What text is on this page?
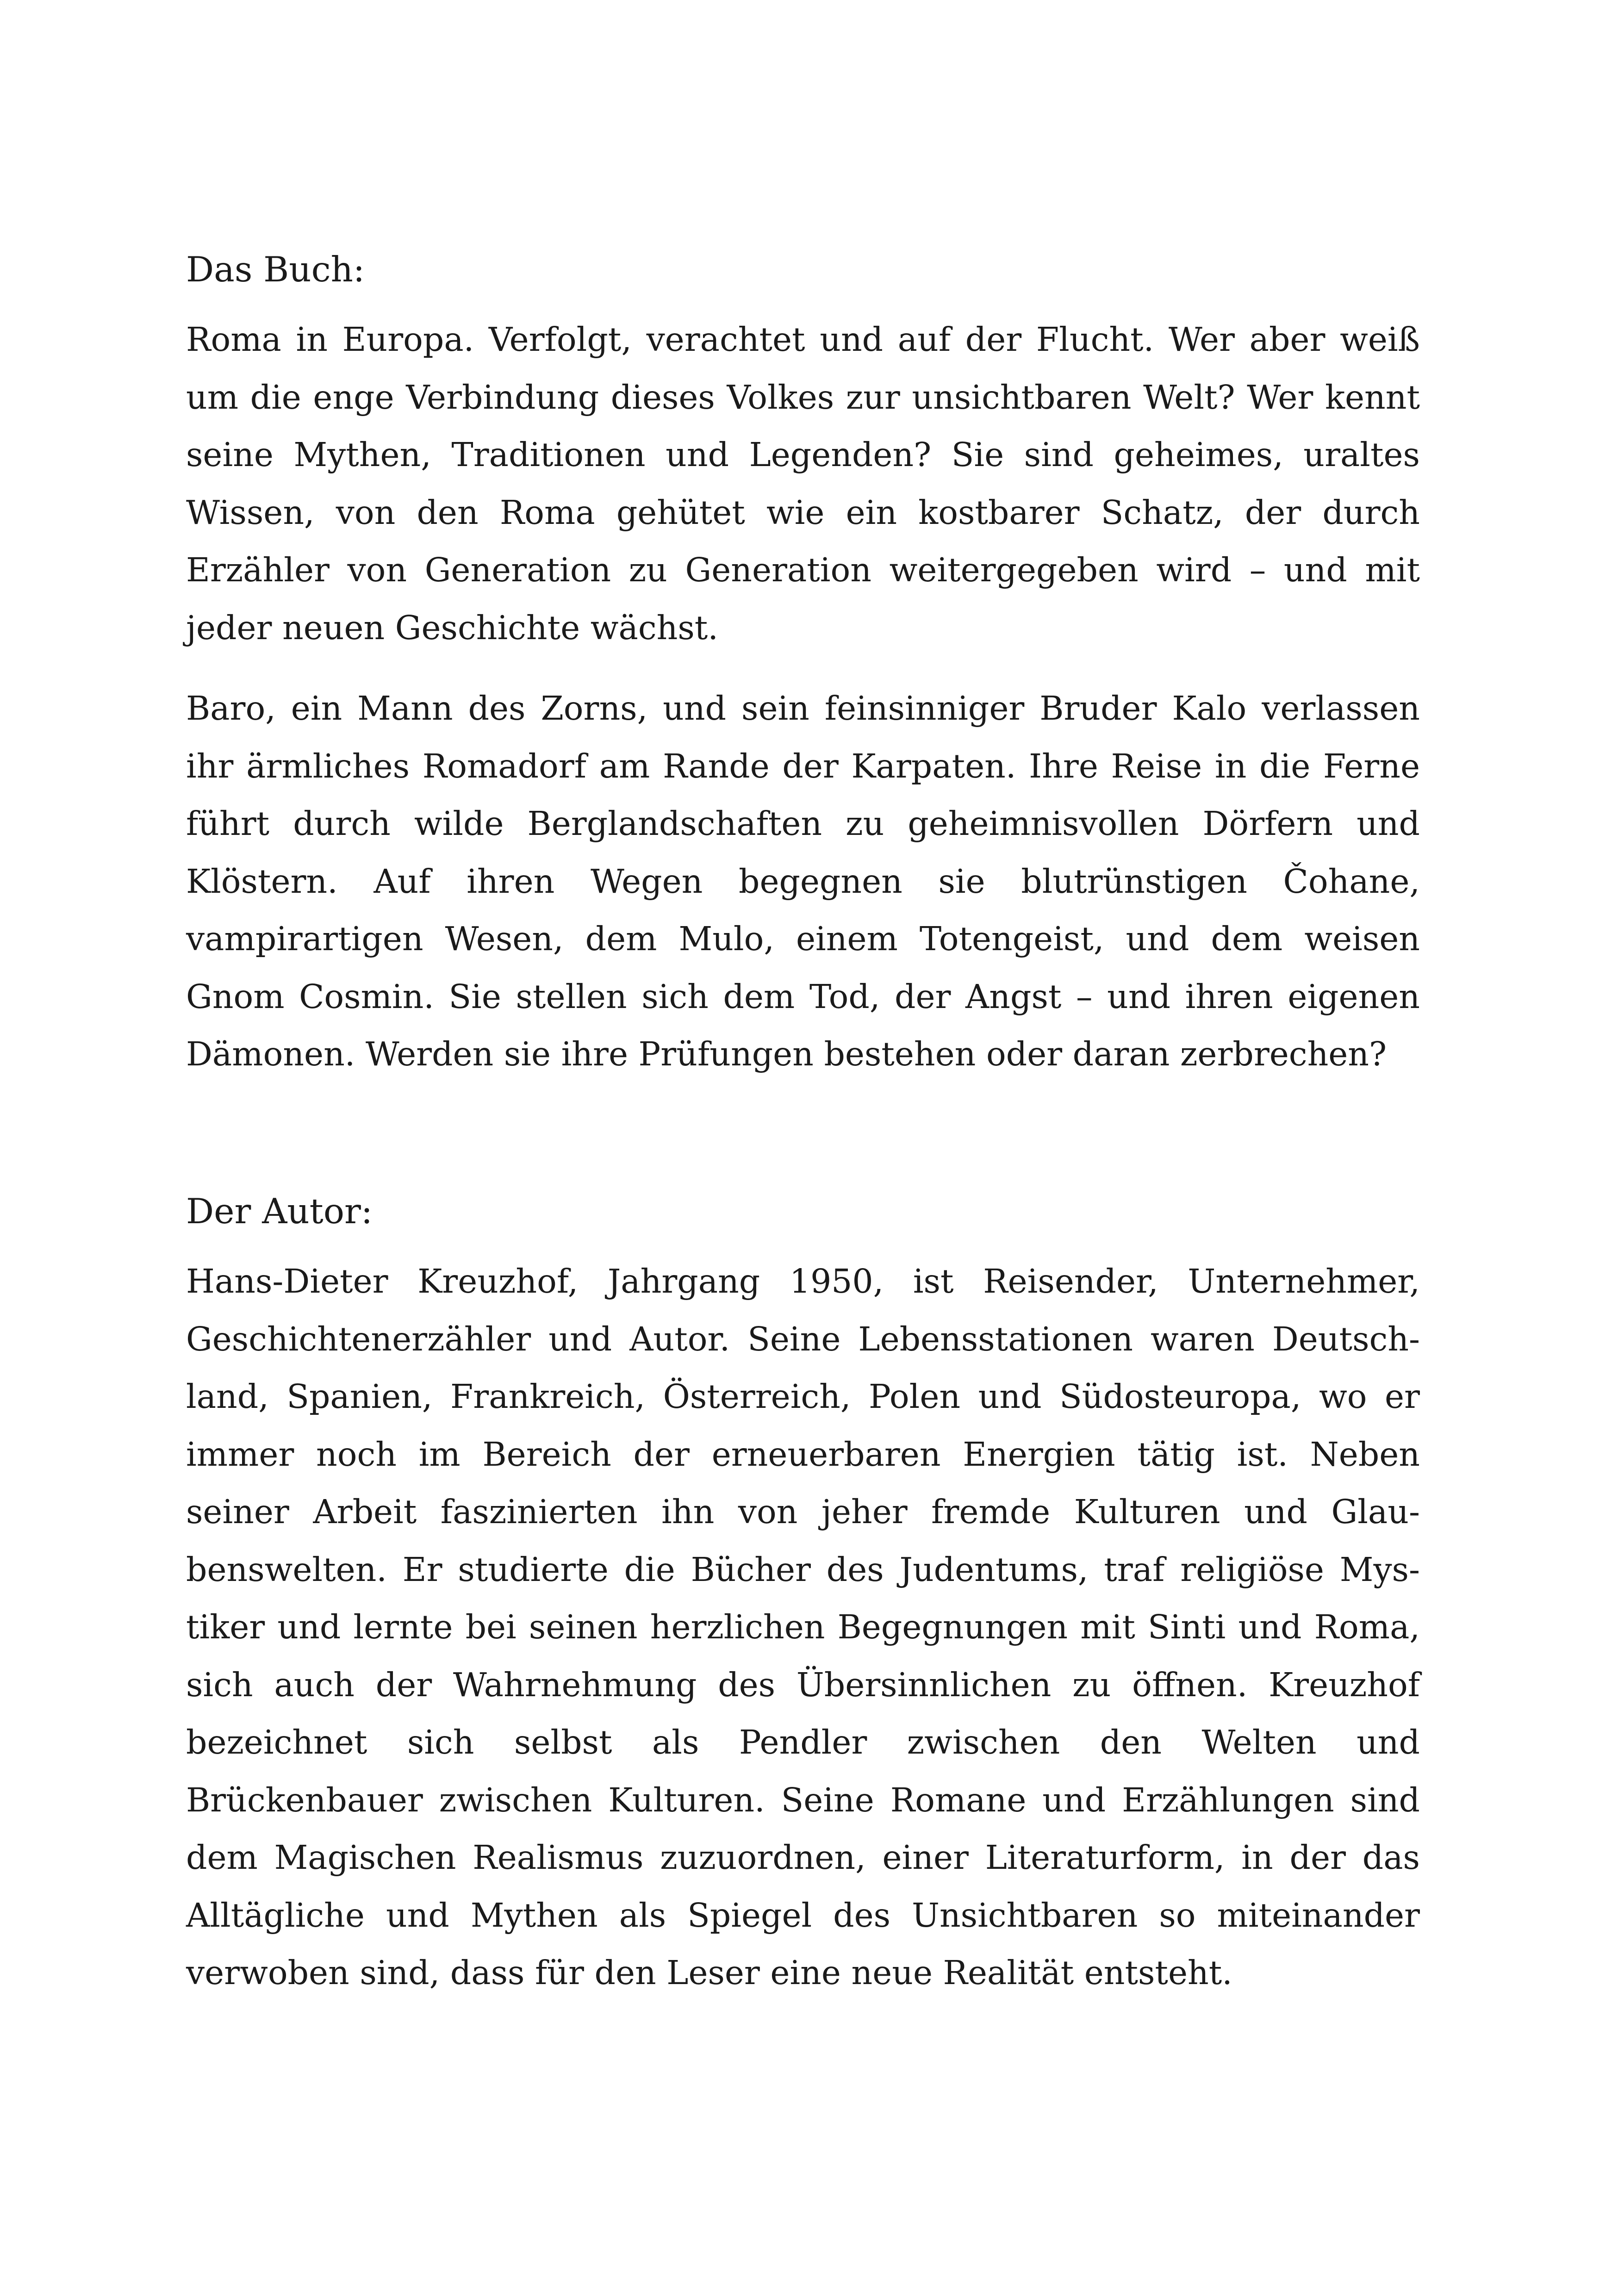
Das Buch:

Roma in Europa. Verfolgt, verachtet und auf der Flucht. Wer aber weiß um die enge Verbindung dieses Volkes zur unsichtbaren Welt? Wer kennt seine Mythen, Traditionen und Legenden? Sie sind geheimes, uraltes Wissen, von den Roma gehütet wie ein kostbarer Schatz, der durch Erzähler von Generation zu Generation weitergegeben wird – und mit jeder neuen Geschichte wächst.

Baro, ein Mann des Zorns, und sein feinsinniger Bruder Kalo verlassen ihr ärmliches Romadorf am Rande der Karpaten. Ihre Reise in die Ferne führt durch wilde Berglandschaften zu geheimnisvollen Dörfern und Klöstern. Auf ihren Wegen begegnen sie blutrünstigen Čohane, vampirartigen Wesen, dem Mulo, einem Totengeist, und dem weisen Gnom Cosmin. Sie stellen sich dem Tod, der Angst – und ihren eigenen Dämonen. Werden sie ihre Prüfungen bestehen oder daran zerbrechen?

Der Autor:

Hans-Dieter Kreuzhof, Jahrgang 1950, ist Reisender, Unternehmer, Geschichtenerzähler und Autor. Seine Lebensstationen waren Deutschland, Spanien, Frankreich, Österreich, Polen und Südosteuropa, wo er immer noch im Bereich der erneuerbaren Energien tätig ist. Neben seiner Arbeit faszinierten ihn von jeher fremde Kulturen und Glaubenswelten. Er studierte die Bücher des Judentums, traf religiöse Mystiker und lernte bei seinen herzlichen Begegnungen mit Sinti und Roma, sich auch der Wahrnehmung des Übersinnlichen zu öffnen. Kreuzhof bezeichnet sich selbst als Pendler zwischen den Welten und Brückenbauer zwischen Kulturen. Seine Romane und Erzählungen sind dem Magischen Realismus zuzuordnen, einer Literaturform, in der das Alltägliche und Mythen als Spiegel des Unsichtbaren so miteinander verwoben sind, dass für den Leser eine neue Realität entsteht.
